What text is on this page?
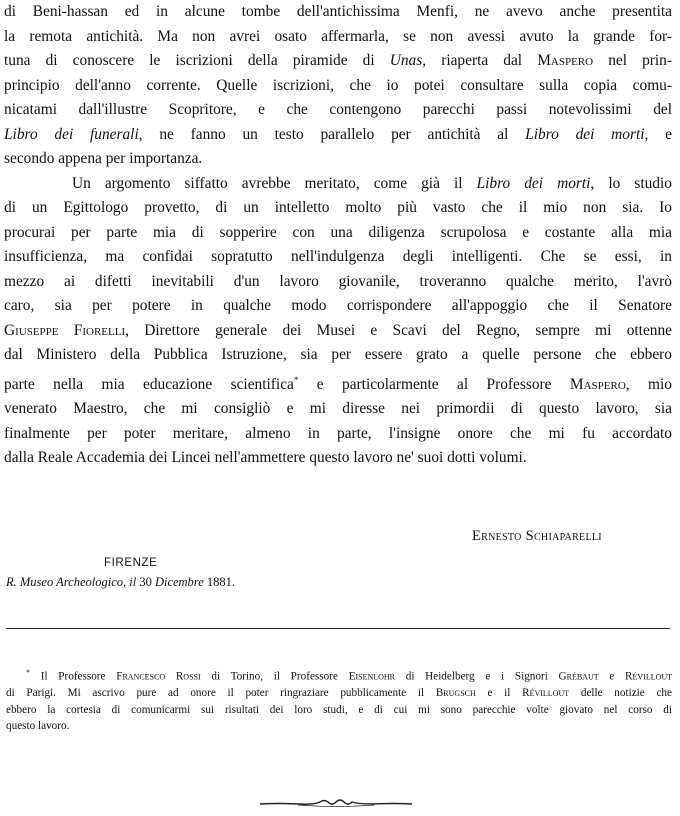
di Beni-hassan ed in alcune tombe dell'antichissima Menfi, ne avevo anche presentita
la remota antichità. Ma non avrei osato affermarla, se non avessi avuto la grande for-
tuna di conoscere le iscrizioni della piramide di Unas, riaperta dal Maspero nel prin-
principio dell'anno corrente. Quelle iscrizioni, che io potei consultare sulla copia comu-
nicatami dall'illustre Scopritore, e che contengono parecchi passi notevolissimi del
Libro dei funerali, ne fanno un testo parallelo per antichità al Libro dei morti, e
secondo appena per importanza.

Un argomento siffatto avrebbe meritato, come già il Libro dei morti, lo studio
di un Egittologo provetto, di un intelletto molto più vasto che il mio non sia. Io
procurai per parte mia di sopperire con una diligenza scrupolosa e costante alla mia
insufficienza, ma confidai sopratutto nell'indulgenza degli intelligenti. Che se essi, in
mezzo ai difetti inevitabili d'un lavoro giovanile, troveranno qualche merito, l'avrò
caro, sia per potere in qualche modo corrispondere all'appoggio che il Senatore
Giuseppe Fiorelli, Direttore generale dei Musei e Scavi del Regno, sempre mi ottenne
dal Ministero della Pubblica Istruzione, sia per essere grato a quelle persone che ebbero
parte nella mia educazione scientifica* e particolarmente al Professore Maspero, mio
venerato Maestro, che mi consigliò e mi diresse nei primordii di questo lavoro, sia
finalmente per poter meritare, almeno in parte, l'insigne onore che mi fu accordato
dalla Reale Accademia dei Lincei nell'ammettere questo lavoro ne' suoi dotti volumi.

Ernesto Schiaparelli
FIRENZE
R. Museo Archeologico, il 30 Dicembre 1881.
* Il Professore Francesco Rossi di Torino, il Professore Eisenlohr di Heidelberg e i Signori Grébaut e Révillout
di Parigi. Mi ascrivo pure ad onore il poter ringraziare pubblicamente il Brugsch e il Révillout delle notizie che
ebbero la cortesia di comunicarmi sui risultati dei loro studi, e di cui mi sono parecchie volte giovato nel corso di
questo lavoro.
